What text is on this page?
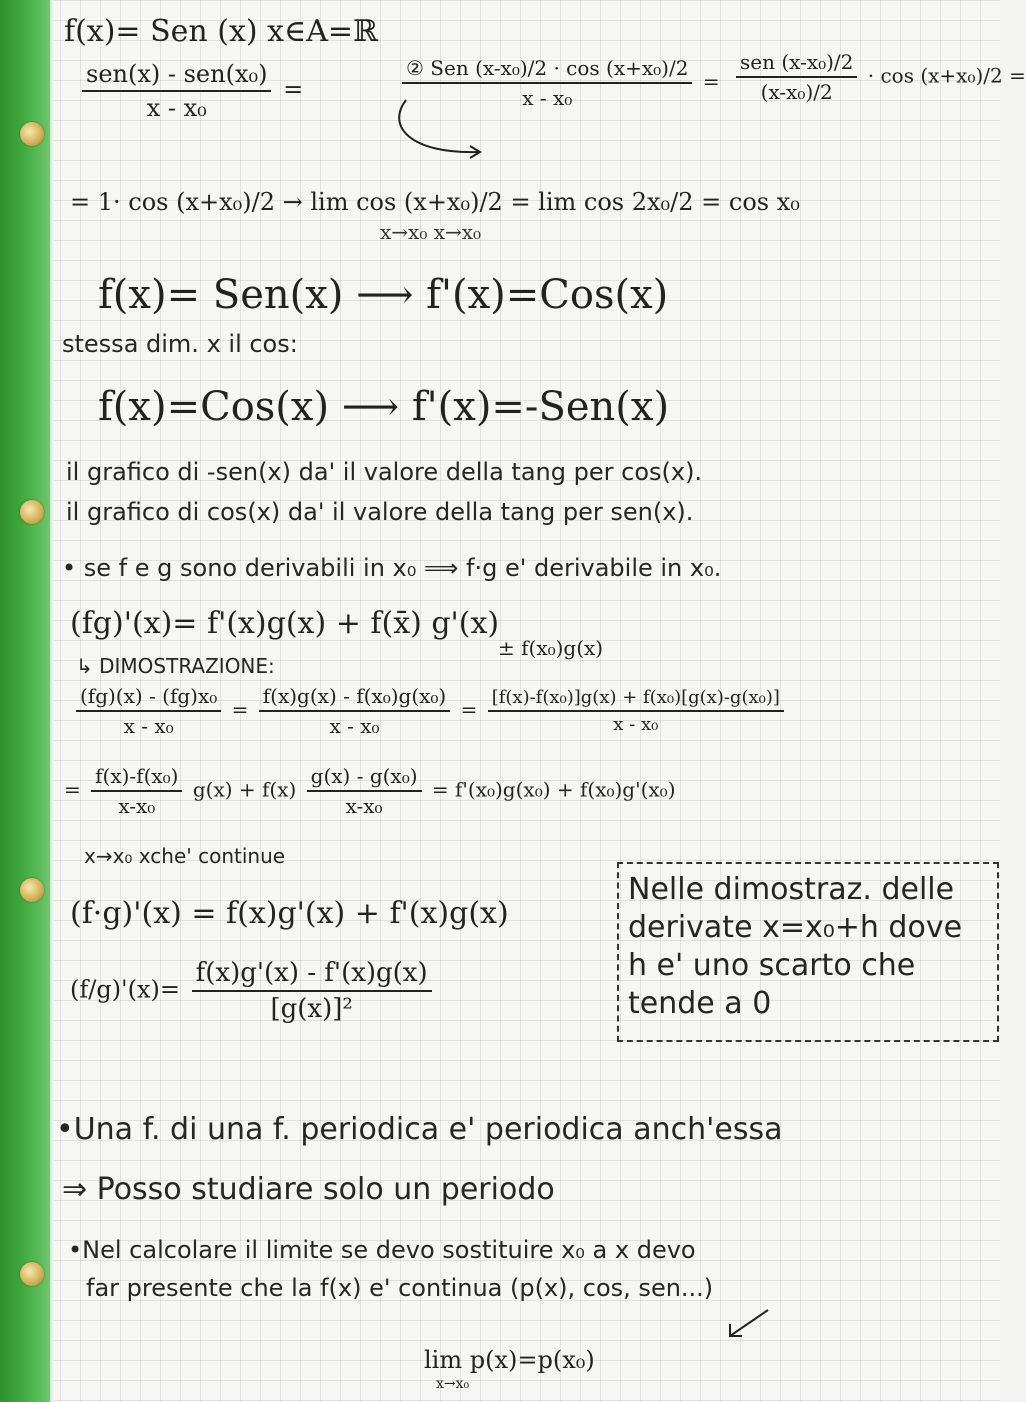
f(x)= Sen (x) x∈A=ℝ
$\frac{\text{sen(x) - sen(x₀)}}{\text{x - x₀}}$ =	$\frac{\text{② Sen (x-x₀)/2 · cos (x+x₀)/2}}{\text{x - x₀}} = \frac{\text{sen (x-x₀)/2}}{\text{(x-x₀)/2}} \cdot \cos (x+x_0)/2$ =
= 1· cos (x+x₀)/2 → lim cos (x+x₀)/2 = lim cos 2x₀/2 = cos x₀
x→x₀ x→x₀
f(x)= Sen(x) ⟶ f'(x)=Cos(x)
stessa dim. x il cos:
f(x)=Cos(x) ⟶ f'(x)=-Sen(x)
il grafico di -sen(x) da' il valore della tang per cos(x).
il grafico di cos(x) da' il valore della tang per sen(x).
• se f e g sono derivabili in x₀ ⟹ f·g e' derivabile in x₀.
(fg)'(x)= f'(x)g(x) + f(x̄) g'(x)
± f(x₀)g(x)
↳ DIMOSTRAZIONE:
$\frac{\text{(fg)(x) - (fg)x₀}}{\text{x - x₀}} = \frac{\text{f(x)g(x) - f(x₀)g(x₀)}}{\text{x - x₀}} = \frac{\text{[f(x)-f(x₀)]g(x) + f(x₀)[g(x)-g(x₀)]}}{\text{x - x₀}}$
= $\frac{\text{f(x)-f(x₀)}}{\text{x-x₀}} g(x) + f(x) \frac{\text{g(x) - g(x₀)}}{\text{x-x₀}} = f'(x_0)g(x_0) + f(x_0)g'(x_0)$
x→x₀ xche' continue
(f·g)'(x) = f(x)g'(x) + f'(x)g(x)
$(f/g)'(x)= \frac{f(x)g'(x) - f'(x)g(x)}{\text{[g(x)]²}}$
Nelle dimostraz. delle
derivate x=x₀+h dove
h e' uno scarto che
tende a 0
•Una f. di una f. periodica e' periodica anch'essa
⇒ Posso studiare solo un periodo
•Nel calcolare il limite se devo sostituire x₀ a x devo
far presente che la f(x) e' continua (p(x), cos, sen...)
lim p(x)=p(x₀)
x→x₀
